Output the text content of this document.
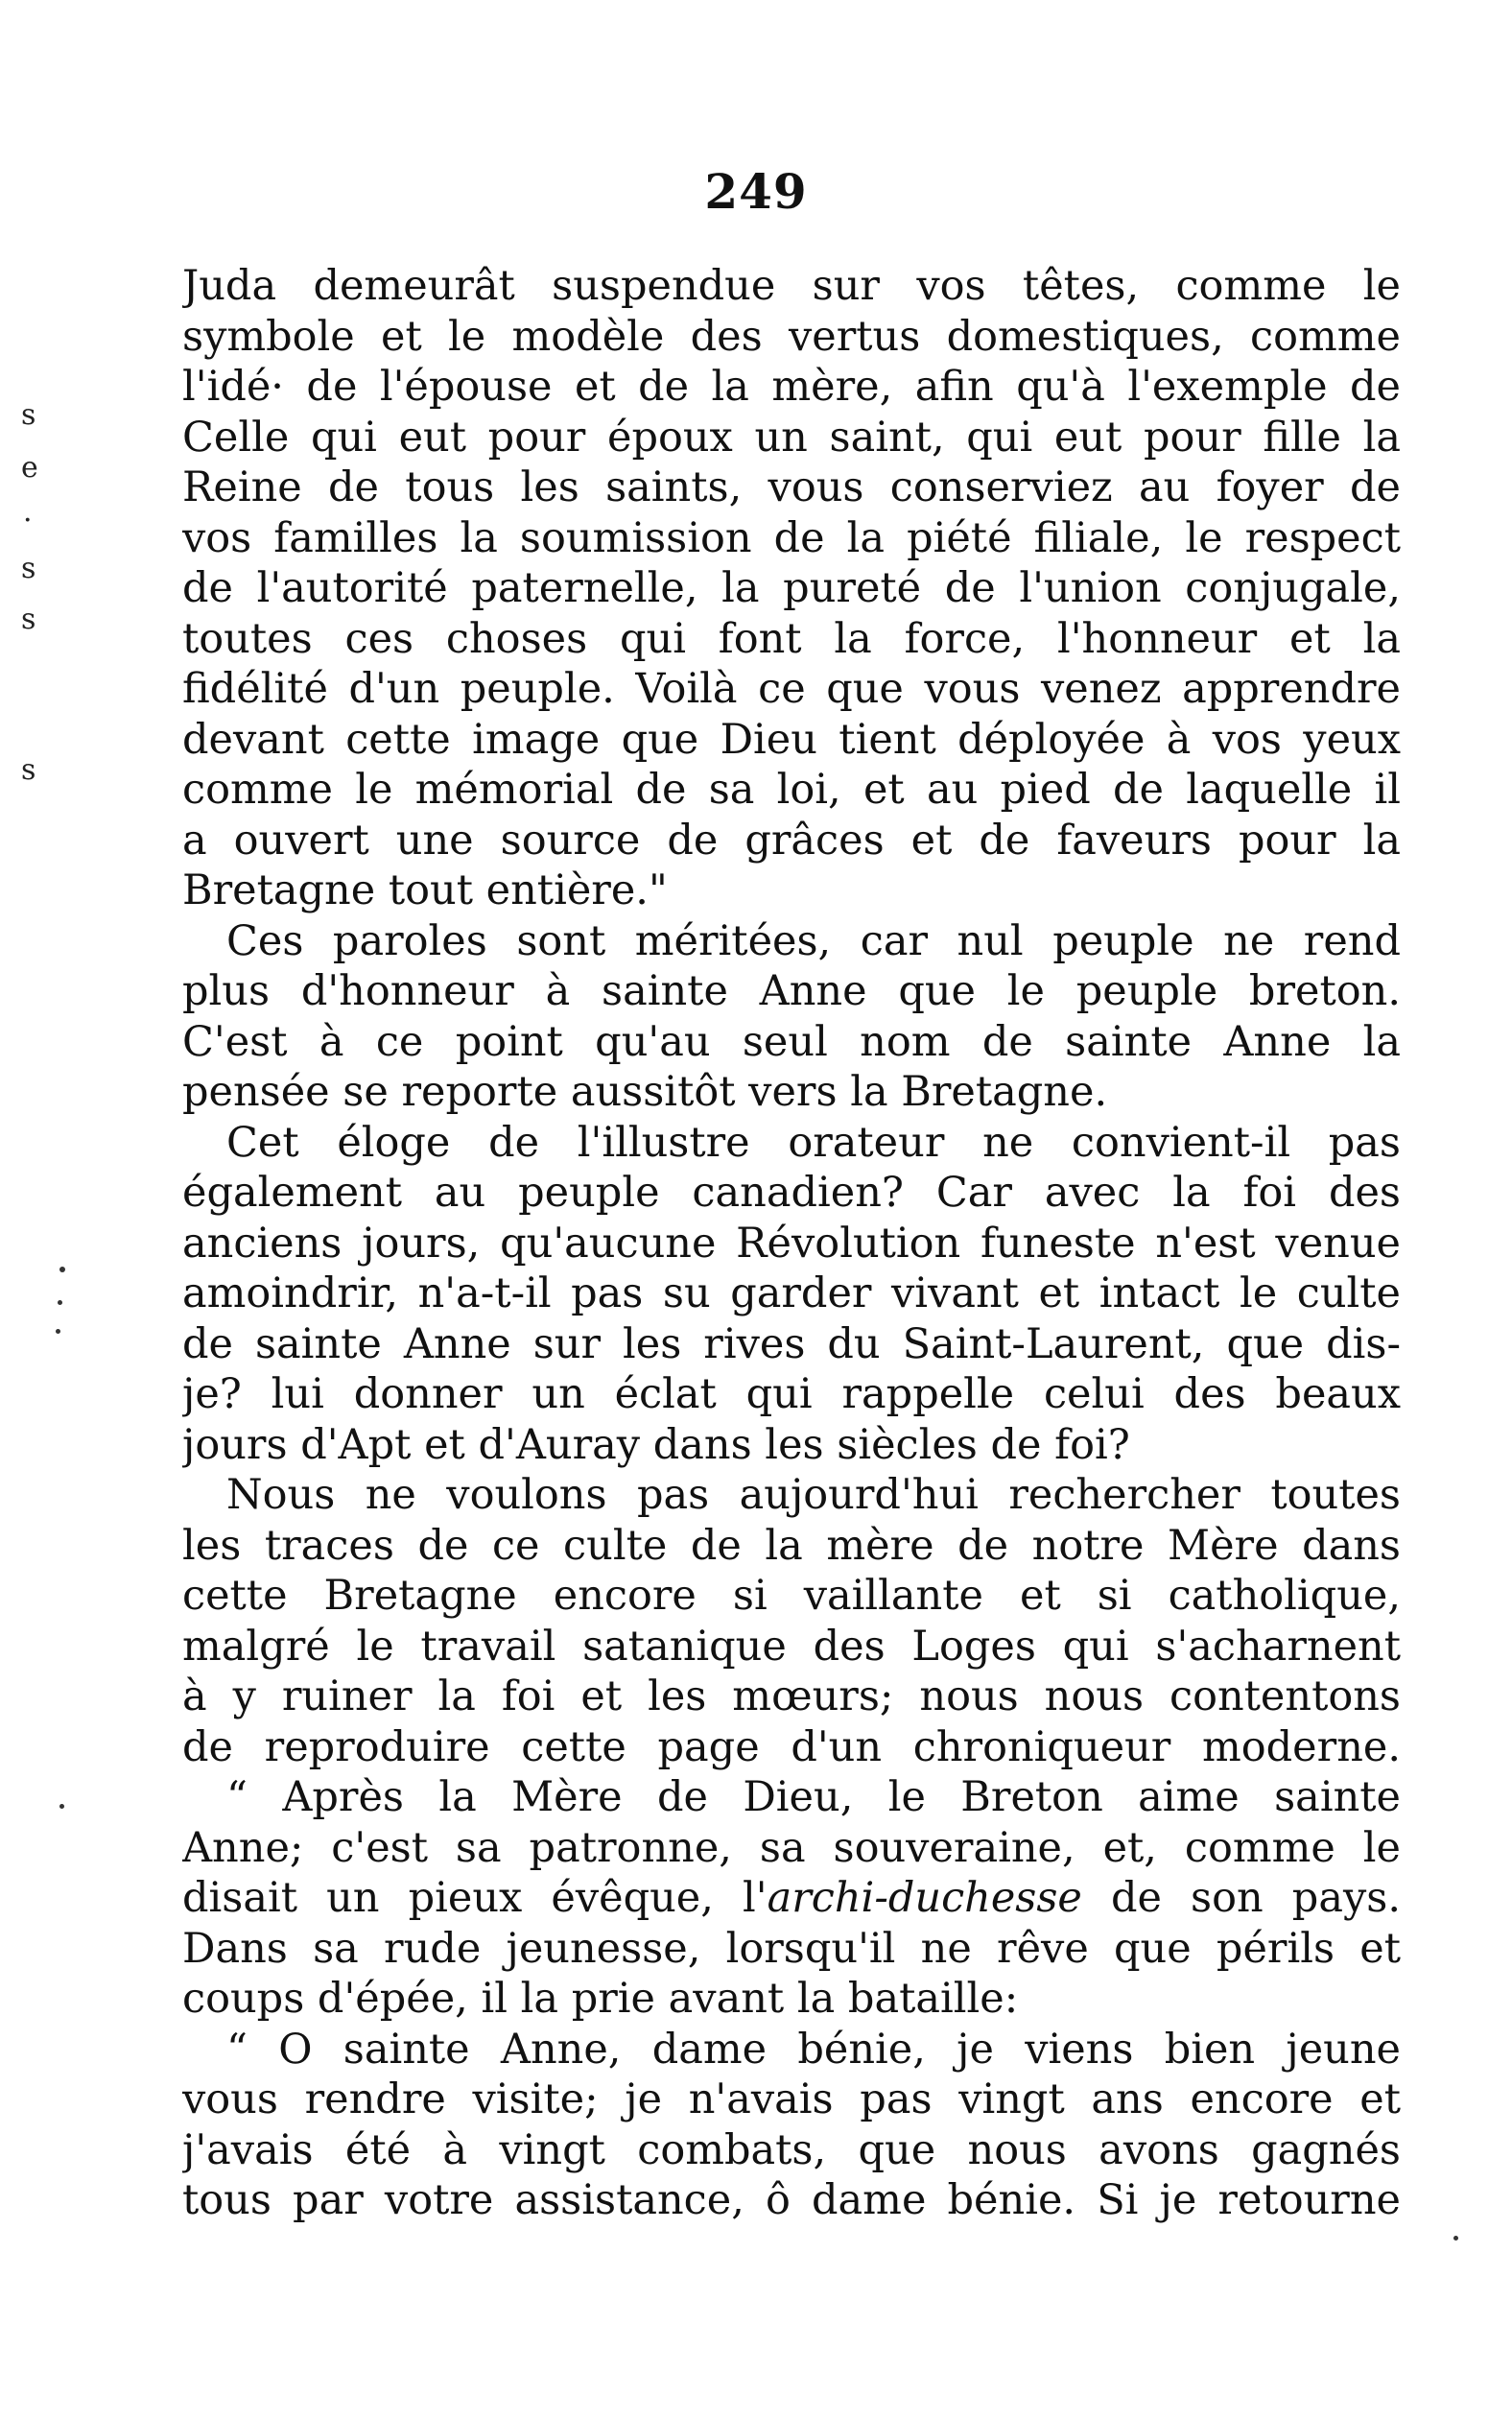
249
Juda demeurât suspendue sur vos têtes, comme le
symbole et le modèle des vertus domestiques, comme
l'idé· de l'épouse et de la mère, afin qu'à l'exemple de
Celle qui eut pour époux un saint, qui eut pour fille la
Reine de tous les saints, vous conserviez au foyer de
vos familles la soumission de la piété filiale, le respect
de l'autorité paternelle, la pureté de l'union conjugale,
toutes ces choses qui font la force, l'honneur et la
fidélité d'un peuple. Voilà ce que vous venez apprendre
devant cette image que Dieu tient déployée à vos yeux
comme le mémorial de sa loi, et au pied de laquelle il
a ouvert une source de grâces et de faveurs pour la
Bretagne tout entière."
Ces paroles sont méritées, car nul peuple ne rend
plus d'honneur à sainte Anne que le peuple breton.
C'est à ce point qu'au seul nom de sainte Anne la
pensée se reporte aussitôt vers la Bretagne.
Cet éloge de l'illustre orateur ne convient-il pas
également au peuple canadien? Car avec la foi des
anciens jours, qu'aucune Révolution funeste n'est venue
amoindrir, n'a-t-il pas su garder vivant et intact le culte
de sainte Anne sur les rives du Saint-Laurent, que dis-
je? lui donner un éclat qui rappelle celui des beaux
jours d'Apt et d'Auray dans les siècles de foi?
Nous ne voulons pas aujourd'hui rechercher toutes
les traces de ce culte de la mère de notre Mère dans
cette Bretagne encore si vaillante et si catholique,
malgré le travail satanique des Loges qui s'acharnent
à y ruiner la foi et les mœurs; nous nous contentons
de reproduire cette page d'un chroniqueur moderne.
“ Après la Mère de Dieu, le Breton aime sainte
Anne; c'est sa patronne, sa souveraine, et, comme le
disait un pieux évêque, l'archi-duchesse de son pays.
Dans sa rude jeunesse, lorsqu'il ne rêve que périls et
coups d'épée, il la prie avant la bataille:
“ O sainte Anne, dame bénie, je viens bien jeune
vous rendre visite; je n'avais pas vingt ans encore et
j'avais été à vingt combats, que nous avons gagnés
tous par votre assistance, ô dame bénie. Si je retourne
s
e
·
s
s
s
